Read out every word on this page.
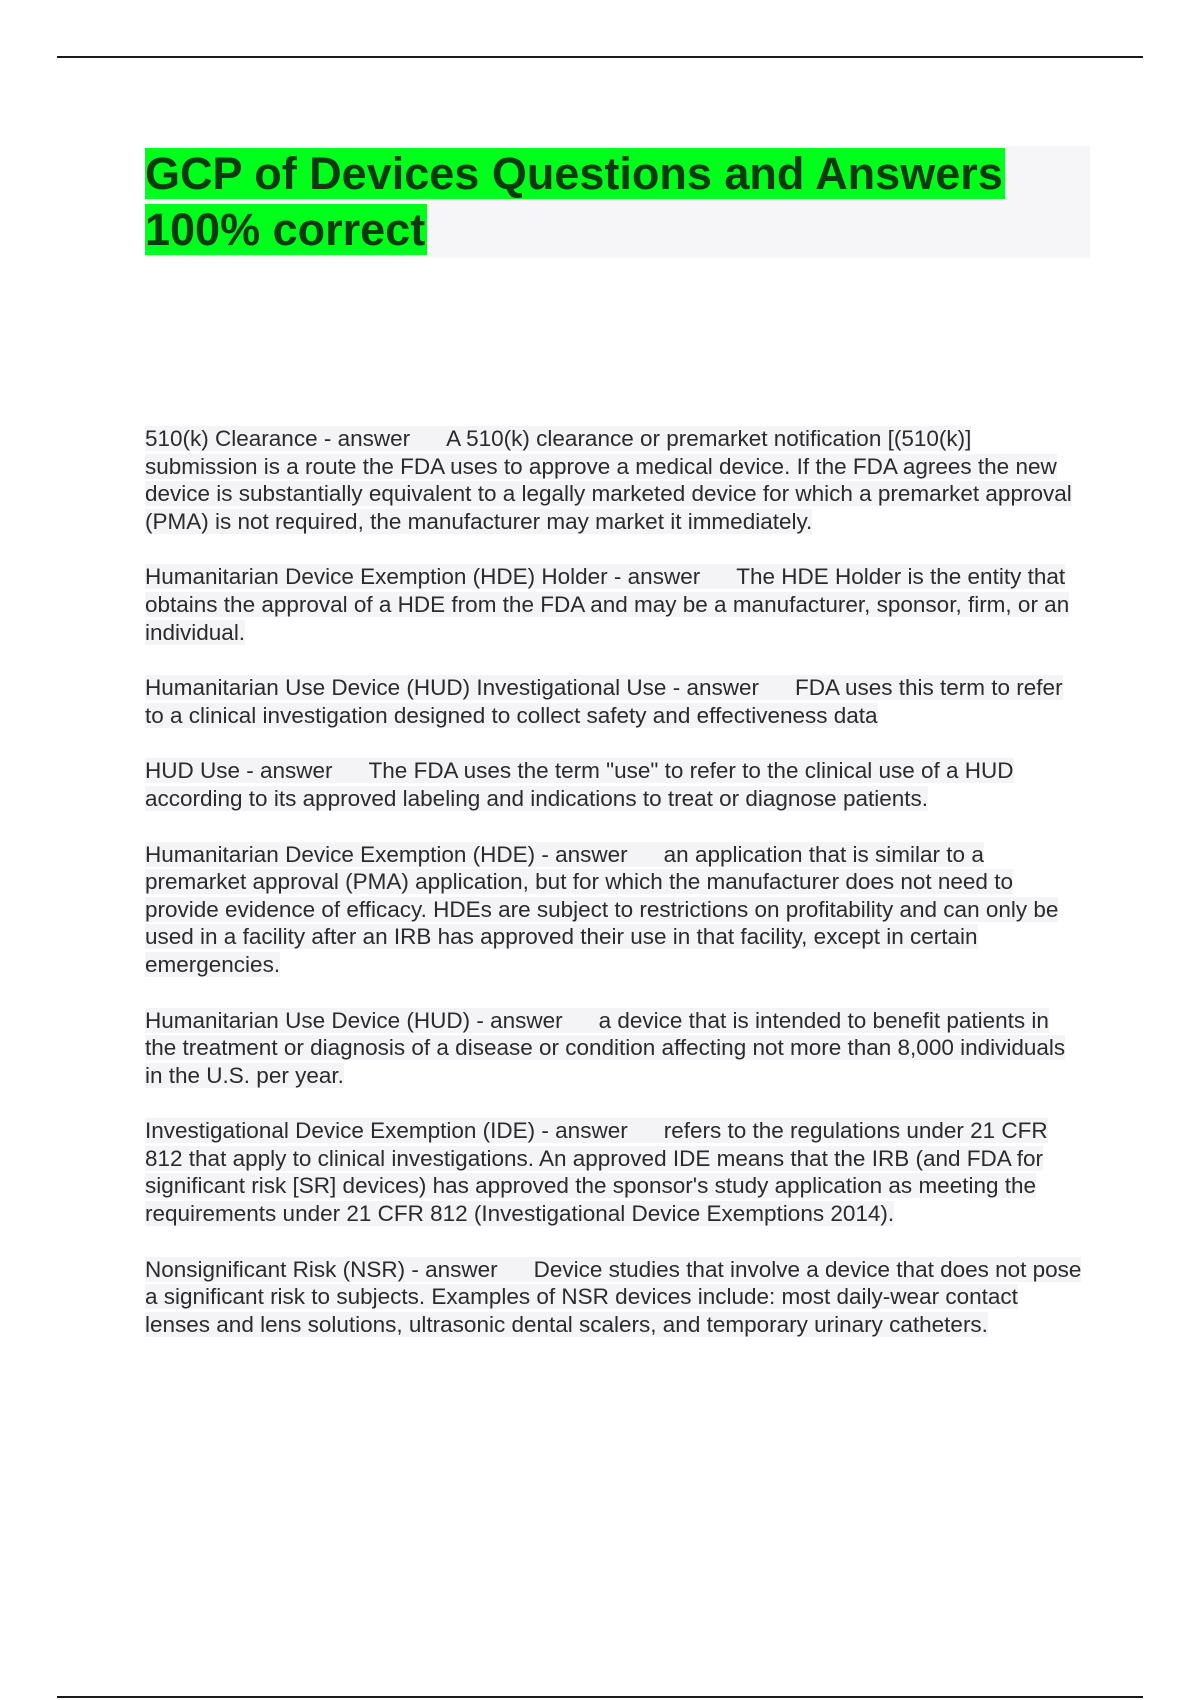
GCP of Devices Questions and Answers 100% correct

510(k) Clearance - answer A 510(k) clearance or premarket notification [(510(k)] submission is a route the FDA uses to approve a medical device. If the FDA agrees the new device is substantially equivalent to a legally marketed device for which a premarket approval (PMA) is not required, the manufacturer may market it immediately.

Humanitarian Device Exemption (HDE) Holder - answer The HDE Holder is the entity that obtains the approval of a HDE from the FDA and may be a manufacturer, sponsor, firm, or an individual.

Humanitarian Use Device (HUD) Investigational Use - answer FDA uses this term to refer to a clinical investigation designed to collect safety and effectiveness data

HUD Use - answer The FDA uses the term "use" to refer to the clinical use of a HUD according to its approved labeling and indications to treat or diagnose patients.

Humanitarian Device Exemption (HDE) - answer an application that is similar to a premarket approval (PMA) application, but for which the manufacturer does not need to provide evidence of efficacy. HDEs are subject to restrictions on profitability and can only be used in a facility after an IRB has approved their use in that facility, except in certain emergencies.

Humanitarian Use Device (HUD) - answer a device that is intended to benefit patients in the treatment or diagnosis of a disease or condition affecting not more than 8,000 individuals in the U.S. per year.

Investigational Device Exemption (IDE) - answer refers to the regulations under 21 CFR 812 that apply to clinical investigations. An approved IDE means that the IRB (and FDA for significant risk [SR] devices) has approved the sponsor's study application as meeting the requirements under 21 CFR 812 (Investigational Device Exemptions 2014).

Nonsignificant Risk (NSR) - answer Device studies that involve a device that does not pose a significant risk to subjects. Examples of NSR devices include: most daily-wear contact lenses and lens solutions, ultrasonic dental scalers, and temporary urinary catheters.
